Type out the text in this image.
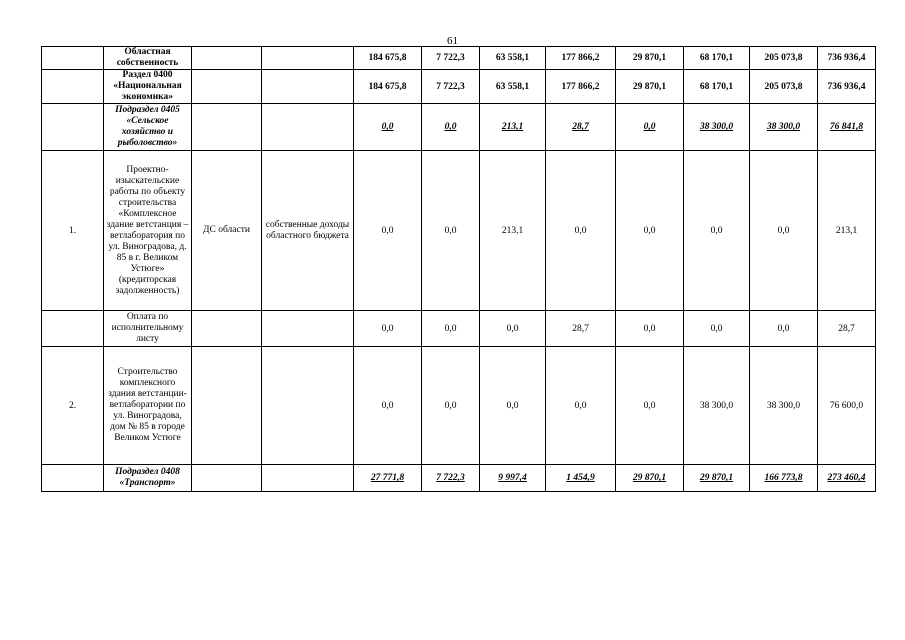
61
	Областная собственность			184 675,8	7 722,3	63 558,1	177 866,2	29 870,1	68 170,1	205 073,8	736 936,4
	Раздел 0400 «Национальная экономика»			184 675,8	7 722,3	63 558,1	177 866,2	29 870,1	68 170,1	205 073,8	736 936,4
	Подраздел 0405 «Сельское хозяйство и рыболовство»			0,0	0,0	213,1	28,7	0,0	38 300,0	38 300,0	76 841,8
1.	Проектно-изыскательские работы по объекту строительства «Комплексное здание ветстанция – ветлаборатория по ул. Виноградова, д. 85 в г. Великом Устюге» (кредиторская задолженность)	ДС области	собственные доходы областного бюджета	0,0	0,0	213,1	0,0	0,0	0,0	0,0	213,1
	Оплата по исполнительному листу			0,0	0,0	0,0	28,7	0,0	0,0	0,0	28,7
2.	Строительство комплексного здания ветстанции-ветлаборатории по ул. Виноградова, дом № 85 в городе Великом Устюге			0,0	0,0	0,0	0,0	0,0	38 300,0	38 300,0	76 600,0
	Подраздел 0408 «Транспорт»			27 771,8	7 722,3	9 997,4	1 454,9	29 870,1	29 870,1	166 773,8	273 460,4
